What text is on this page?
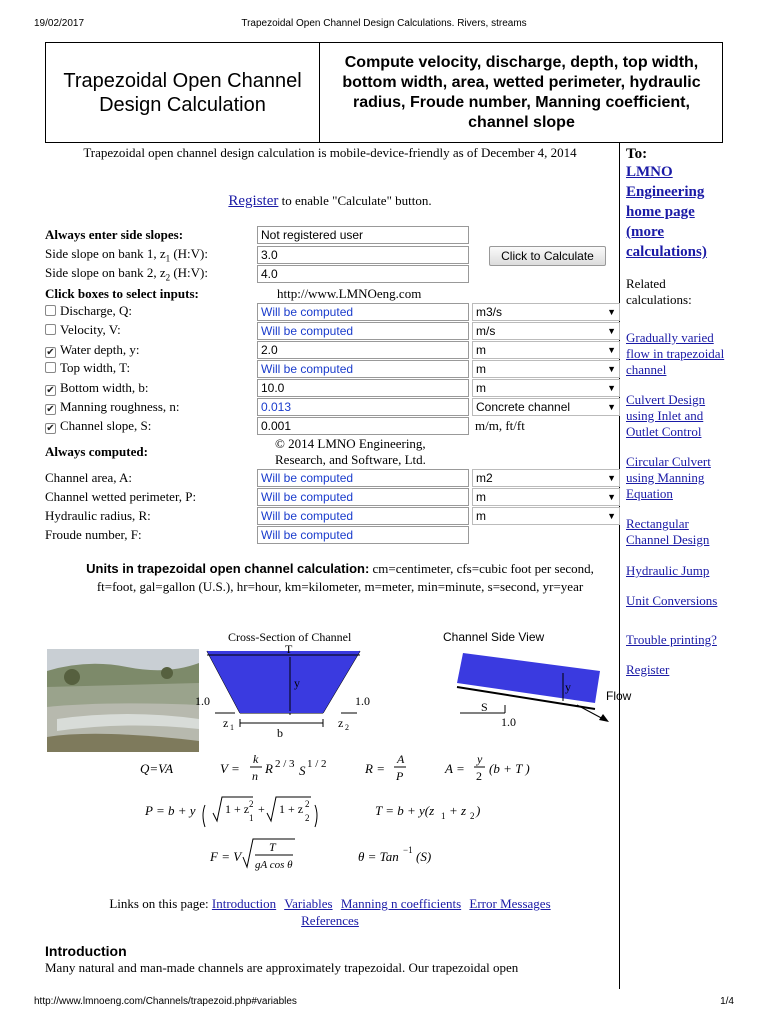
19/02/2017	Trapezoidal Open Channel Design Calculations. Rivers, streams
Trapezoidal Open Channel Design Calculation
Compute velocity, discharge, depth, top width, bottom width, area, wetted perimeter, hydraulic radius, Froude number, Manning coefficient, channel slope
Trapezoidal open channel design calculation is mobile-device-friendly as of December 4, 2014
Register to enable "Calculate" button.
Always enter side slopes:	Not registered user
Side slope on bank 1, $z_1$ (H:V):	3.0	Click to Calculate
Side slope on bank 2, $z_2$ (H:V):	4.0
Click boxes to select inputs:	http://www.LMNOeng.com
Discharge, Q:	Will be computed	m3/s	▼
Velocity, V:	Will be computed	m/s	▼
✔ Water depth, y:	2.0	m	▼
Top width, T:	Will be computed	m	▼
✔ Bottom width, b:	10.0	m	▼
✔ Manning roughness, n:	0.013	Concrete channel	▼
✔ Channel slope, S:	0.001	m/m, ft/ft
© 2014 LMNO Engineering, Research, and Software, Ltd.
Always computed:
Channel area, A:	Will be computed	m2	▼
Channel wetted perimeter, P:	Will be computed	m	▼
Hydraulic radius, R:	Will be computed	m	▼
Froude number, F:	Will be computed
Units in trapezoidal open channel calculation: cm=centimeter, cfs=cubic foot per second, ft=foot, gal=gallon (U.S.), hr=hour, km=kilometer, m=meter, min=minute, s=second, yr=year
Cross-Section of Channel	Channel Side View
T
y
b
1.0	1.0
z 1	z 2
y
S
1.0
Flow
Q=VA	V =
k
n R 2 / 3 S 1 / 2	R =
A
P	A =
y
2 (b + T )
P = b + y 1 + z 2
1
+ 1 + z 2
2	T = b + y(z 1 + z 2 )
F = V
T
gA cos θ
θ = Tan −1 (S)
Links on this page: Introduction Variables Manning n coefficients Error Messages
References
Introduction
Many natural and man-made channels are approximately trapezoidal. Our trapezoidal open
To:
LMNO Engineering home page (more calculations)
Related calculations:
Gradually varied flow in trapezoidal channel
Culvert Design using Inlet and Outlet Control
Circular Culvert using Manning Equation
Rectangular Channel Design
Hydraulic Jump
Unit Conversions
Trouble printing?
Register
http://www.lmnoeng.com/Channels/trapezoid.php#variables	1/4
